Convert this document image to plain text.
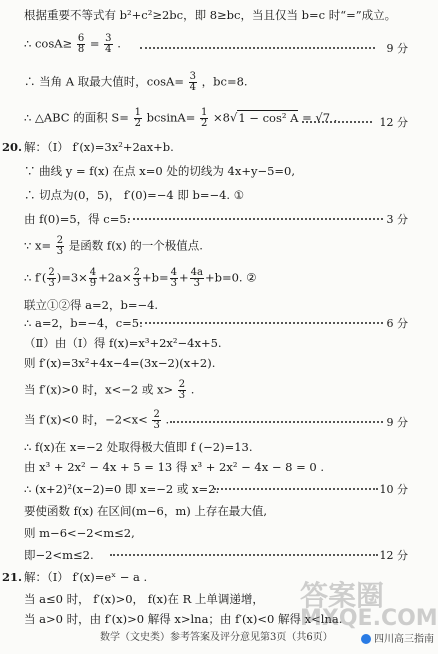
根据重要不等式有 b²+c²≥2bc，即 8≥bc，当且仅当 b=c 时“=”成立。
∴ $\cos A\ge \frac{6}{8} = \frac{3}{4}$ .	9 分
∴ 当角 A 取最大值时，$\cos A= \frac{3}{4}$ ，bc=8.
∴ △ABC 的面积 $S= \frac{1}{2} bcsinA= \frac{1}{2} \times 8√1 - \cos^2$ A = √7 .	12 分
20. 解：（Ⅰ） f′(x)=3x²+2ax+b.
∵ 曲线 y = f(x) 在点 x=0 处的切线为 4x+y−5=0,
∴ 切点为(0，5)， f′(0)=−4 即 b=−4. ①
由 f(0)=5，得 c=5.	3 分
∵ $x= \frac{2}{3}$ 是函数 f(x) 的一个极值点.
∴ $f'( \frac{2}{3} )=3\times \frac{4}{9} +2a\times \frac{2}{3} +b= \frac{4}{3} + \frac{4a}{3} +b=0$. ②
联立①②得 a=2，b=−4.
∴ a=2，b=−4，c=5.	6 分
（Ⅱ）由（Ⅰ）得 f(x)=x³+2x²−4x+5.
则 f′(x)=3x²+4x−4=(3x−2)(x+2).
当 f′(x)>0 时，x<−2 或 $x> \frac{2}{3}$ .
当 f′(x)<0 时，$-2<x< \frac{2}{3}$ .	9 分
∴ f(x)在 x=−2 处取得极大值即 f (−2)=13.
由 x³ + 2x² − 4x + 5 = 13 得 x³ + 2x² − 4x − 8 = 0 .
∴ (x+2)²(x−2)=0 即 x=−2 或 x=2.	10 分
要使函数 f(x) 在区间(m−6，m) 上存在最大值,
则 m−6<−2<m≤2,
即−2<m≤2.	12 分
21. 解：（Ⅰ） f′(x)=eˣ − a .
当 a≤0 时， f′(x)>0， f(x)在 R 上单调递增，
当 a>0 时，由 f′(x)>0 解得 x>lna；由 f′(x)<0 解得 x<lna.
数学（文史类）参考答案及评分意见第3页（共6页）
答案圈
MXQE.COM
四川高三指南
